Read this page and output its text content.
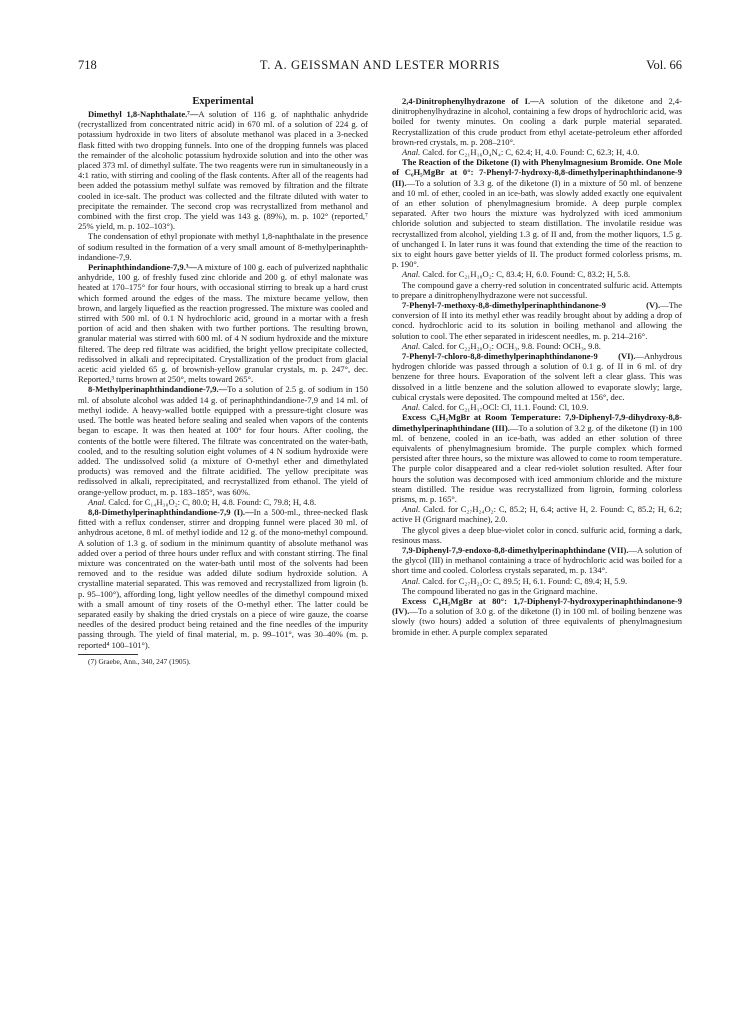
718	T. A. GEISSMAN AND LESTER MORRIS	Vol. 66
Experimental

Dimethyl 1,8-Naphthalate.⁷—A solution of 116 g. of naphthalic anhydride (recrystallized from concentrated nitric acid) in 670 ml. of a solution of 224 g. of potassium hydroxide in two liters of absolute methanol was placed in a 3-necked flask fitted with two dropping funnels. Into one of the dropping funnels was placed the remainder of the alcoholic potassium hydroxide solution and into the other was placed 373 ml. of dimethyl sulfate. The two reagents were run in simultaneously in a 4:1 ratio, with stirring and cooling of the flask contents. After all of the reagents had been added the potassium methyl sulfate was removed by filtration and the filtrate cooled in ice-salt. The product was collected and the filtrate diluted with water to precipitate the remainder. The second crop was recrystallized from methanol and combined with the first crop. The yield was 143 g. (89%), m. p. 102° (reported,⁷ 25% yield, m. p. 102–103°).

The condensation of ethyl propionate with methyl 1,8-naphthalate in the presence of sodium resulted in the formation of a very small amount of 8-methylperinaphth-indandione-7,9.

Perinaphthindandione-7,9.³—A mixture of 100 g. each of pulverized naphthalic anhydride, 100 g. of freshly fused zinc chloride and 200 g. of ethyl malonate was heated at 170–175° for four hours, with occasional stirring to break up a hard crust which formed around the edges of the mass. The mixture became yellow, then brown, and largely liquefied as the reaction progressed. The mixture was cooled and stirred with 500 ml. of 0.1 N hydrochloric acid, ground in a mortar with a fresh portion of acid and then shaken with two further portions. The resulting brown, granular material was stirred with 600 ml. of 4 N sodium hydroxide and the mixture filtered. The deep red filtrate was acidified, the bright yellow precipitate collected, redissolved in alkali and reprecipitated. Crystallization of the product from glacial acetic acid yielded 65 g. of brownish-yellow granular crystals, m. p. 247°, dec. Reported,³ turns brown at 250°, melts toward 265°.

8-Methylperinaphthindandione-7,9.—To a solution of 2.5 g. of sodium in 150 ml. of absolute alcohol was added 14 g. of perinaphthindandione-7,9 and 14 ml. of methyl iodide. A heavy-walled bottle equipped with a pressure-tight closure was used. The bottle was heated before sealing and sealed when vapors of the contents began to escape. It was then heated at 100° for four hours. After cooling, the contents of the bottle were filtered. The filtrate was concentrated on the water-bath, cooled, and to the resulting solution eight volumes of 4 N sodium hydroxide were added. The undissolved solid (a mixture of O-methyl ether and dimethylated products) was removed and the filtrate acidified. The yellow precipitate was redissolved in alkali, reprecipitated, and recrystallized from ethanol. The yield of orange-yellow product, m. p. 183–185°, was 60%.

Anal. Calcd. for C₁₄H₁₀O₂: C, 80.0; H, 4.8. Found: C, 79.8; H, 4.8.

8,8-Dimethylperinaphthindandione-7,9 (I).—In a 500-ml., three-necked flask fitted with a reflux condenser, stirrer and dropping funnel were placed 30 ml. of anhydrous acetone, 8 ml. of methyl iodide and 12 g. of the mono-methyl compound. A solution of 1.3 g. of sodium in the minimum quantity of absolute methanol was added over a period of three hours under reflux and with constant stirring. The final mixture was concentrated on the water-bath until most of the solvents had been removed and to the residue was added dilute sodium hydroxide solution. A crystalline material separated. This was removed and recrystallized from ligroin (b. p. 95–100°), affording long, light yellow needles of the dimethyl compound mixed with a small amount of tiny rosets of the O-methyl ether. The latter could be separated easily by shaking the dried crystals on a piece of wire gauze, the coarse needles of the desired product being retained and the fine needles of the impurity passing through. The yield of final material, m. p. 99–101°, was 30–40% (m. p. reported⁴ 100–101°).

(7) Graebe, Ann., 340, 247 (1905).

2,4-Dinitrophenylhydrazone of I.—A solution of the diketone and 2,4-dinitrophenylhydrazine in alcohol, containing a few drops of hydrochloric acid, was boiled for twenty minutes. On cooling a dark purple material separated. Recrystallization of this crude product from ethyl acetate-petroleum ether afforded brown-red crystals, m. p. 208–210°.

Anal. Calcd. for C₂₁H₁₆O₄N₄: C, 62.4; H, 4.0. Found: C, 62.3; H, 4.0.

The Reaction of the Diketone (I) with Phenylmagnesium Bromide. One Mole of C₆H₅MgBr at 0°: 7-Phenyl-7-hydroxy-8,8-dimethylperinaphthindanone-9 (II).—To a solution of 3.3 g. of the diketone (I) in a mixture of 50 ml. of benzene and 10 ml. of ether, cooled in an ice-bath, was slowly added exactly one equivalent of an ether solution of phenylmagnesium bromide. A deep purple complex separated. After two hours the mixture was hydrolyzed with iced ammonium chloride solution and subjected to steam distillation. The involatile residue was recrystallized from alcohol, yielding 1.3 g. of II and, from the mother liquors, 1.5 g. of unchanged I. In later runs it was found that extending the time of the reaction to six to eight hours gave better yields of II. The product formed colorless prisms, m. p. 190°.

Anal. Calcd. for C₂₁H₁₈O₂: C, 83.4; H, 6.0. Found: C, 83.2; H, 5.8.

The compound gave a cherry-red solution in concentrated sulfuric acid. Attempts to prepare a dinitrophenylhydrazone were not successful.

7-Phenyl-7-methoxy-8,8-dimethylperinaphthindanone-9 (V).—The conversion of II into its methyl ether was readily brought about by adding a drop of concd. hydrochloric acid to its solution in boiling methanol and allowing the solution to cool. The ether separated in iridescent needles, m. p. 214–216°.

Anal. Calcd. for C₂₂H₂₀O₂: OCH₃, 9.8. Found: OCH₃, 9.8.

7-Phenyl-7-chloro-8,8-dimethylperinaphthindanone-9 (VI).—Anhydrous hydrogen chloride was passed through a solution of 0.1 g. of II in 6 ml. of dry benzene for three hours. Evaporation of the solvent left a clear glass. This was dissolved in a little benzene and the solution allowed to evaporate slowly; large, cubical crystals were deposited. The compound melted at 156°, dec.

Anal. Calcd. for C₂₁H₁₇OCl: Cl, 11.1. Found: Cl, 10.9.

Excess C₆H₅MgBr at Room Temperature: 7,9-Diphenyl-7,9-dihydroxy-8,8-dimethylperinaphthindane (III).—To a solution of 3.2 g. of the diketone (I) in 100 ml. of benzene, cooled in an ice-bath, was added an ether solution of three equivalents of phenylmagnesium bromide. The purple complex which formed persisted after three hours, so the mixture was allowed to come to room temperature. The purple color disappeared and a clear red-violet solution resulted. After four hours the solution was decomposed with iced ammonium chloride and the mixture steam distilled. The residue was recrystallized from ligroin, forming colorless prisms, m. p. 165°.

Anal. Calcd. for C₂₇H₂₄O₂: C, 85.2; H, 6.4; active H, 2. Found: C, 85.2; H, 6.2; active H (Grignard machine), 2.0.

The glycol gives a deep blue-violet color in concd. sulfuric acid, forming a dark, resinous mass.

7,9-Diphenyl-7,9-endoxo-8,8-dimethylperinaphthindane (VII).—A solution of the glycol (III) in methanol containing a trace of hydrochloric acid was boiled for a short time and cooled. Colorless crystals separated, m. p. 134°.

Anal. Calcd. for C₂₇H₂₂O: C, 89.5; H, 6.1. Found: C, 89.4; H, 5.9.

The compound liberated no gas in the Grignard machine.

Excess C₆H₅MgBr at 80°: 1,7-Diphenyl-7-hydroxyperinaphthindanone-9 (IV).—To a solution of 3.0 g. of the diketone (I) in 100 ml. of boiling benzene was slowly (two hours) added a solution of three equivalents of phenylmagnesium bromide in ether. A purple complex separated
